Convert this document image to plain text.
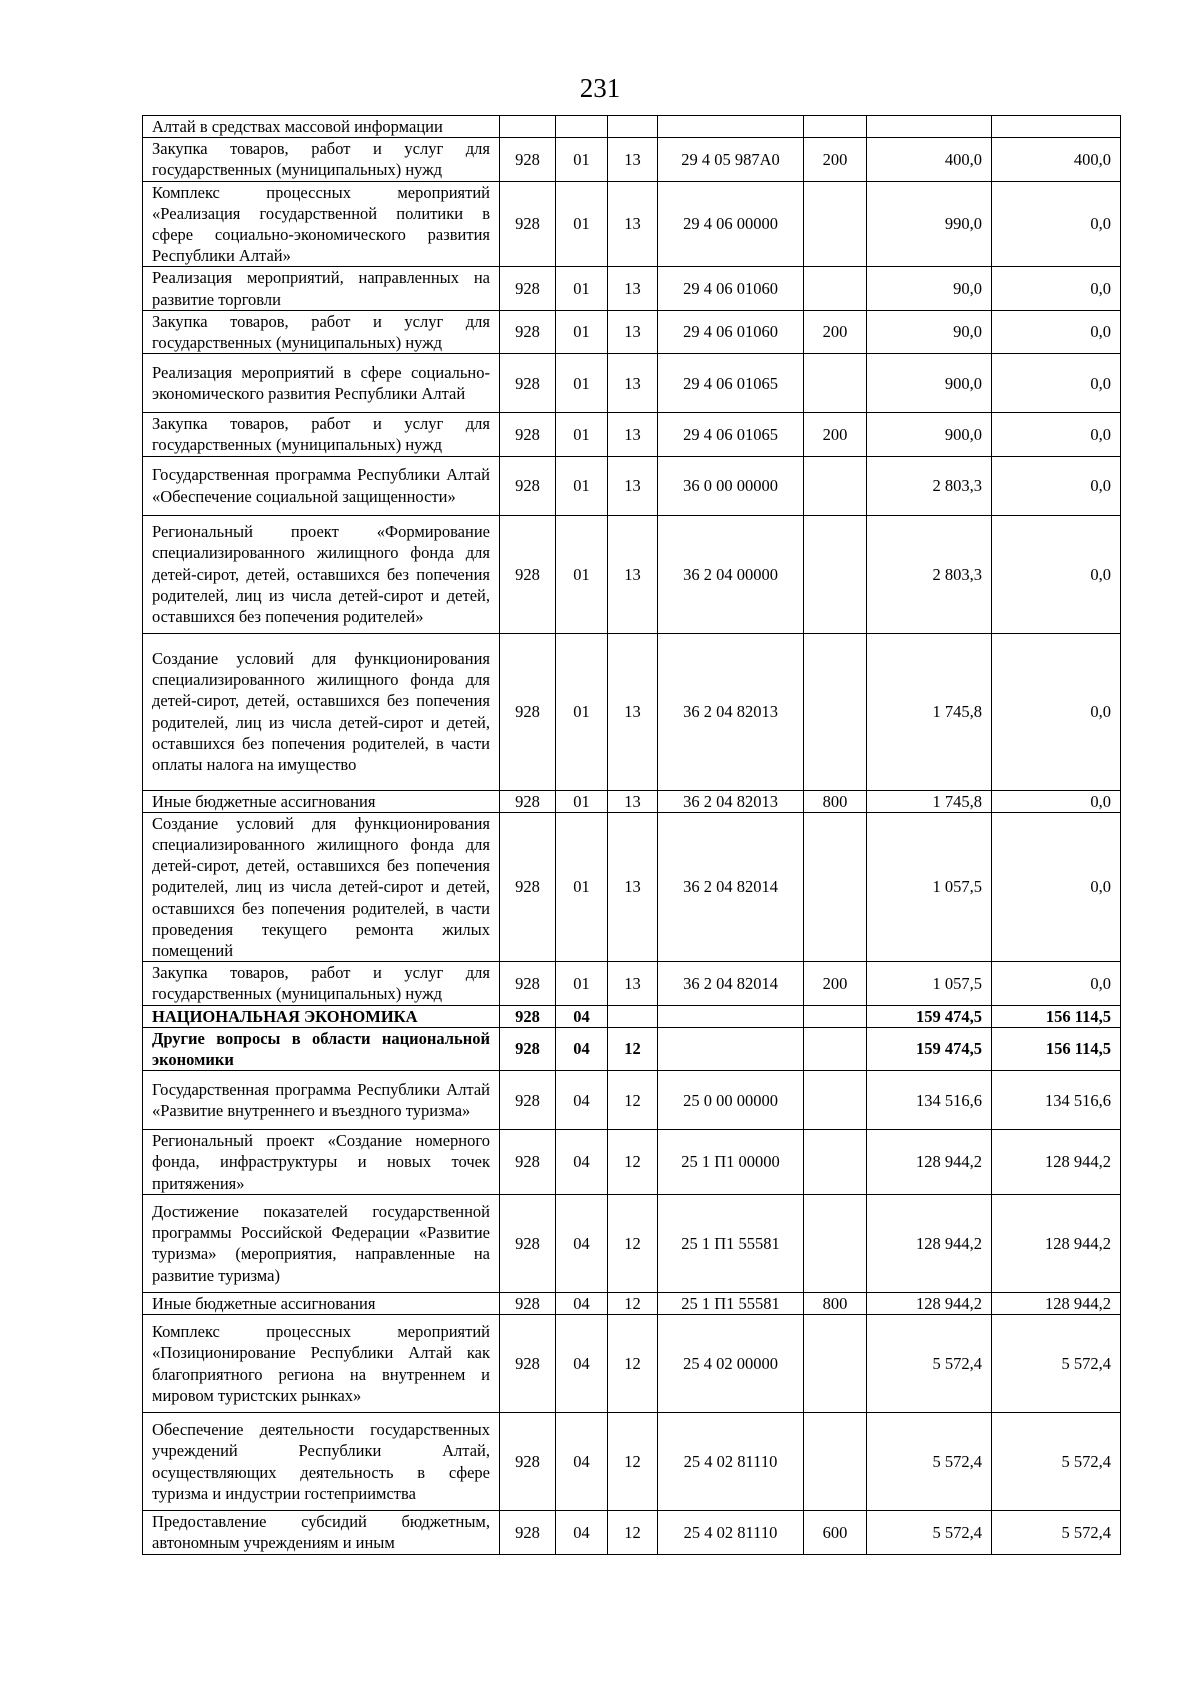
231
Алтай в средствах массовой информации							
Закупка товаров, работ и услуг для государственных (муниципальных) нужд	928	01	13	29 4 05 987А0	200	400,0	400,0
Комплекс процессных мероприятий «Реализация государственной политики в сфере социально-экономического развития Республики Алтай»	928	01	13	29 4 06 00000		990,0	0,0
Реализация мероприятий, направленных на развитие торговли	928	01	13	29 4 06 01060		90,0	0,0
Закупка товаров, работ и услуг для государственных (муниципальных) нужд	928	01	13	29 4 06 01060	200	90,0	0,0
Реализация мероприятий в сфере социально-экономического развития Республики Алтай	928	01	13	29 4 06 01065		900,0	0,0
Закупка товаров, работ и услуг для государственных (муниципальных) нужд	928	01	13	29 4 06 01065	200	900,0	0,0
Государственная программа Республики Алтай «Обеспечение социальной защищенности»	928	01	13	36 0 00 00000		2 803,3	0,0
Региональный проект «Формирование специализированного жилищного фонда для детей-сирот, детей, оставшихся без попечения родителей, лиц из числа детей-сирот и детей, оставшихся без попечения родителей»	928	01	13	36 2 04 00000		2 803,3	0,0
Создание условий для функционирования специализированного жилищного фонда для детей-сирот, детей, оставшихся без попечения родителей, лиц из числа детей-сирот и детей, оставшихся без попечения родителей, в части оплаты налога на имущество	928	01	13	36 2 04 82013		1 745,8	0,0
Иные бюджетные ассигнования	928	01	13	36 2 04 82013	800	1 745,8	0,0
Создание условий для функционирования специализированного жилищного фонда для детей-сирот, детей, оставшихся без попечения родителей, лиц из числа детей-сирот и детей, оставшихся без попечения родителей, в части проведения текущего ремонта жилых помещений	928	01	13	36 2 04 82014		1 057,5	0,0
Закупка товаров, работ и услуг для государственных (муниципальных) нужд	928	01	13	36 2 04 82014	200	1 057,5	0,0
НАЦИОНАЛЬНАЯ ЭКОНОМИКА	928	04				159 474,5	156 114,5
Другие вопросы в области национальной экономики	928	04	12			159 474,5	156 114,5
Государственная программа Республики Алтай «Развитие внутреннего и въездного туризма»	928	04	12	25 0 00 00000		134 516,6	134 516,6
Региональный проект «Создание номерного фонда, инфраструктуры и новых точек притяжения»	928	04	12	25 1 П1 00000		128 944,2	128 944,2
Достижение показателей государственной программы Российской Федерации «Развитие туризма» (мероприятия, направленные на развитие туризма)	928	04	12	25 1 П1 55581		128 944,2	128 944,2
Иные бюджетные ассигнования	928	04	12	25 1 П1 55581	800	128 944,2	128 944,2
Комплекс процессных мероприятий «Позиционирование Республики Алтай как благоприятного региона на внутреннем и мировом туристских рынках»	928	04	12	25 4 02 00000		5 572,4	5 572,4
Обеспечение деятельности государственных учреждений Республики Алтай, осуществляющих деятельность в сфере туризма и индустрии гостеприимства	928	04	12	25 4 02 81110		5 572,4	5 572,4
Предоставление субсидий бюджетным, автономным учреждениям и иным	928	04	12	25 4 02 81110	600	5 572,4	5 572,4
